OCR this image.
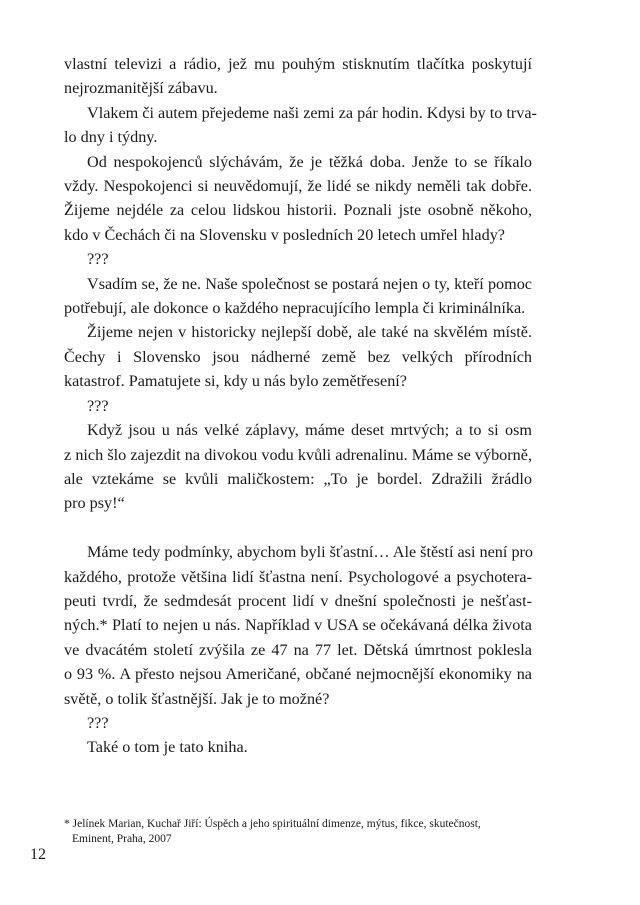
vlastní televizi a rádio, jež mu pouhým stisknutím tlačítka poskytují
nejrozmanitější zábavu.
Vlakem či autem přejedeme naši zemi za pár hodin. Kdysi by to trva-
lo dny i týdny.
Od nespokojenců slýchávám, že je těžká doba. Jenže to se říkalo
vždy. Nespokojenci si neuvědomují, že lidé se nikdy neměli tak dobře.
Žijeme nejdéle za celou lidskou historii. Poznali jste osobně někoho,
kdo v Čechách či na Slovensku v posledních 20 letech umřel hlady?
???
Vsadím se, že ne. Naše společnost se postará nejen o ty, kteří pomoc
potřebují, ale dokonce o každého nepracujícího lempla či kriminálníka.
Žijeme nejen v historicky nejlepší době, ale také na skvělém místě.
Čechy i Slovensko jsou nádherné země bez velkých přírodních
katastrof. Pamatujete si, kdy u nás bylo zemětřesení?
???
Když jsou u nás velké záplavy, máme deset mrtvých; a to si osm
z nich šlo zajezdit na divokou vodu kvůli adrenalinu. Máme se výborně,
ale vztekáme se kvůli maličkostem: „To je bordel. Zdražili žrádlo
pro psy!“
Máme tedy podmínky, abychom byli šťastní… Ale štěstí asi není pro
každého, protože většina lidí šťastna není. Psychologové a psychotera-
peuti tvrdí, že sedmdesát procent lidí v dnešní společnosti je nešťast-
ných.* Platí to nejen u nás. Například v USA se očekávaná délka života
ve dvacátém století zvýšila ze 47 na 77 let. Dětská úmrtnost poklesla
o 93 %. A přesto nejsou Američané, občané nejmocnější ekonomiky na
světě, o tolik šťastnější. Jak je to možné?
???
Také o tom je tato kniha.
* Jelínek Marian, Kuchař Jiří: Úspěch a jeho spirituální dimenze, mýtus, fikce, skutečnost,
Eminent, Praha, 2007
12
